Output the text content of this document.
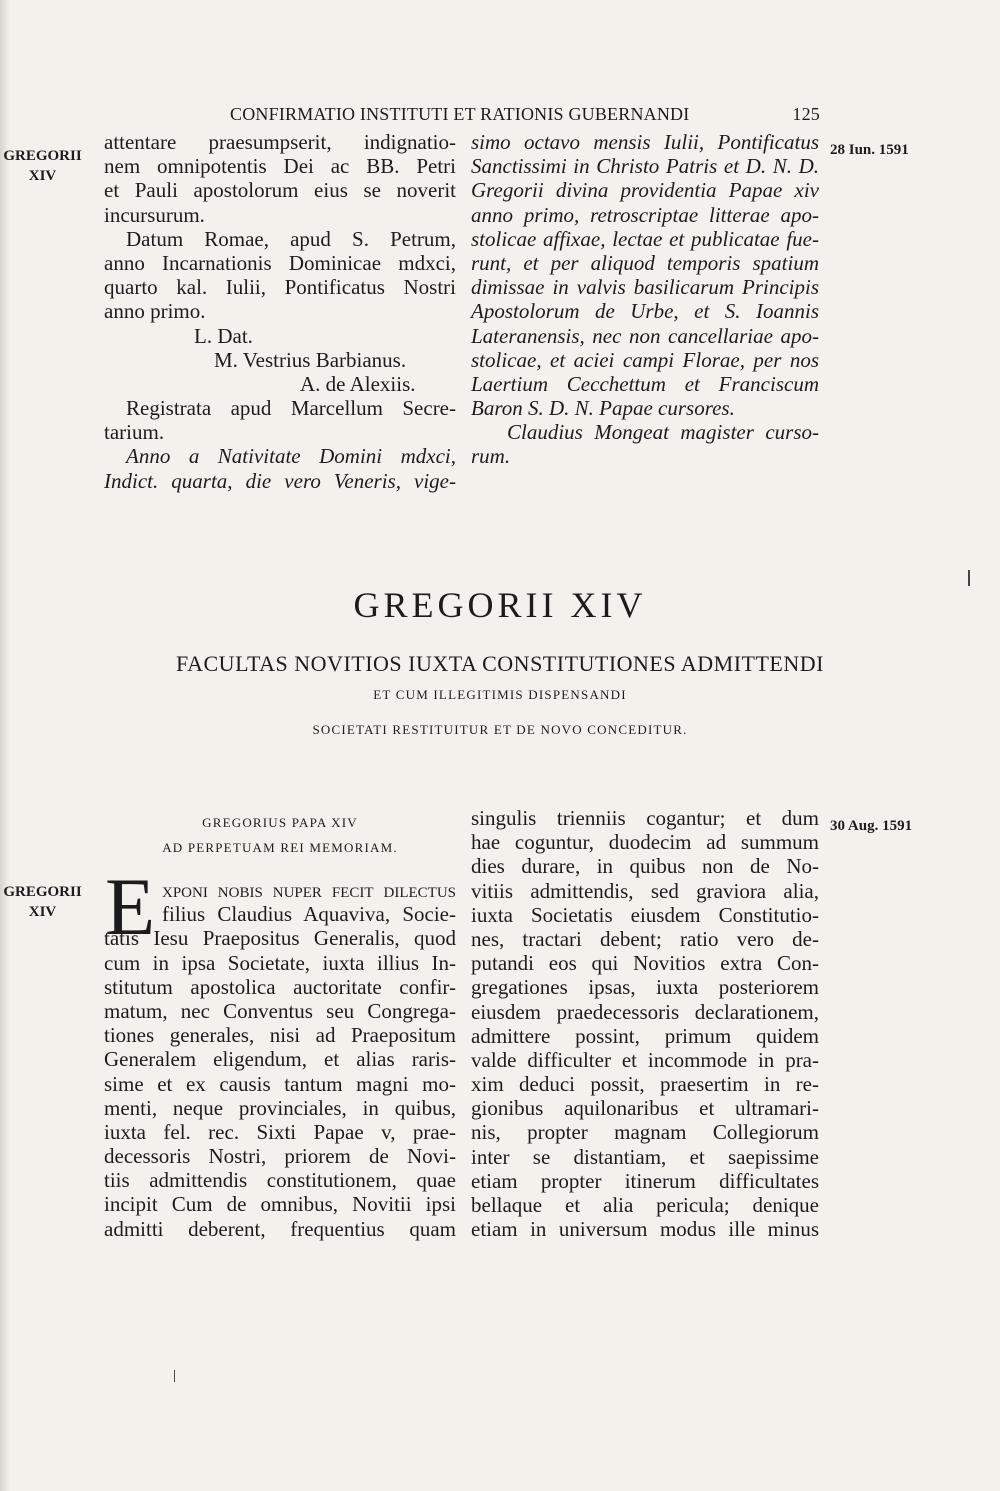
CONFIRMATIO INSTITUTI ET RATIONIS GUBERNANDI	125
GREGORII
XIV
GREGORII
XIV
28 Iun. 1591
30 Aug. 1591
attentare praesumpserit, indignatio-
nem omnipotentis Dei ac BB. Petri
et Pauli apostolorum eius se noverit
incursurum.
Datum Romae, apud S. Petrum,
anno Incarnationis Dominicae mdxci,
quarto kal. Iulii, Pontificatus Nostri
anno primo.
L. Dat.
M. Vestrius Barbianus.
A. de Alexiis.
Registrata apud Marcellum Secre-
tarium.
Anno a Nativitate Domini mdxci,
Indict. quarta, die vero Veneris, vige-
simo octavo mensis Iulii, Pontificatus
Sanctissimi in Christo Patris et D. N. D.
Gregorii divina providentia Papae xiv
anno primo, retroscriptae litterae apo-
stolicae affixae, lectae et publicatae fue-
runt, et per aliquod temporis spatium
dimissae in valvis basilicarum Principis
Apostolorum de Urbe, et S. Ioannis
Lateranensis, nec non cancellariae apo-
stolicae, et aciei campi Florae, per nos
Laertium Cecchettum et Franciscum
Baron S. D. N. Papae cursores.
Claudius Mongeat magister curso-
rum.
GREGORII XIV
FACULTAS NOVITIOS IUXTA CONSTITUTIONES ADMITTENDI
ET CUM ILLEGITIMIS DISPENSANDI
SOCIETATI RESTITUITUR ET DE NOVO CONCEDITUR.
GREGORIUS PAPA XIV
AD PERPETUAM REI MEMORIAM.
E xponi nobis nuper fecit dilectus
filius Claudius Aquaviva, Socie-
tatis Iesu Praepositus Generalis, quod
cum in ipsa Societate, iuxta illius In-
stitutum apostolica auctoritate confir-
matum, nec Conventus seu Congrega-
tiones generales, nisi ad Praepositum
Generalem eligendum, et alias raris-
sime et ex causis tantum magni mo-
menti, neque provinciales, in quibus,
iuxta fel. rec. Sixti Papae v, prae-
decessoris Nostri, priorem de Novi-
tiis admittendis constitutionem, quae
incipit Cum de omnibus, Novitii ipsi
admitti deberent, frequentius quam
singulis trienniis cogantur; et dum
hae coguntur, duodecim ad summum
dies durare, in quibus non de No-
vitiis admittendis, sed graviora alia,
iuxta Societatis eiusdem Constitutio-
nes, tractari debent; ratio vero de-
putandi eos qui Novitios extra Con-
gregationes ipsas, iuxta posteriorem
eiusdem praedecessoris declarationem,
admittere possint, primum quidem
valde difficulter et incommode in pra-
xim deduci possit, praesertim in re-
gionibus aquilonaribus et ultramari-
nis, propter magnam Collegiorum
inter se distantiam, et saepissime
etiam propter itinerum difficultates
bellaque et alia pericula; denique
etiam in universum modus ille minus
